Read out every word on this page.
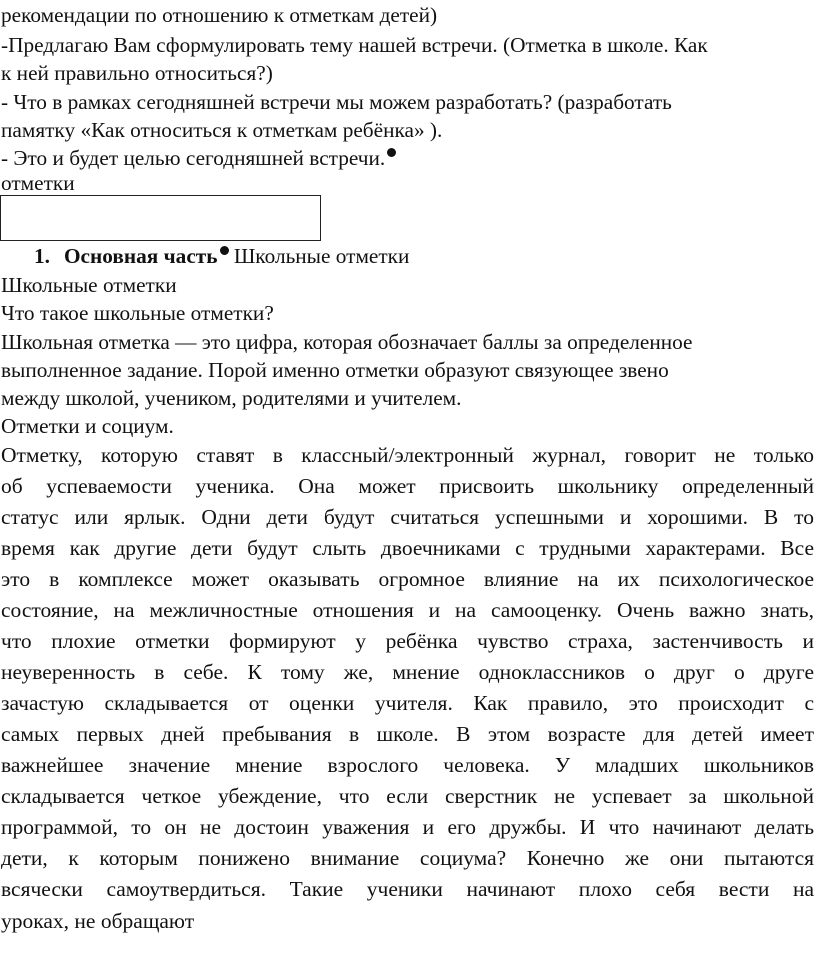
рекомендации по отношению к отметкам детей)
-Предлагаю Вам сформулировать тему нашей встречи. (Отметка в школе. Как
к ней правильно относиться?)
- Что в рамках сегодняшней встречи мы можем разработать? (разработать
памятку «Как относиться к отметкам ребёнка» ).
- Это и будет целью сегодняшней встречи.
отметки
1. Основная часть Школьные отметки
Школьные отметки
Что такое школьные отметки?
Школьная отметка — это цифра, которая обозначает баллы за определенное
выполненное задание. Порой именно отметки образуют связующее звено
между школой, учеником, родителями и учителем.
Отметки и социум.
Отметку, которую ставят в классный/электронный журнал, говорит не только
об успеваемости ученика. Она может присвоить школьнику определенный
статус или ярлык. Одни дети будут считаться успешными и хорошими. В то
время как другие дети будут слыть двоечниками с трудными характерами. Все
это в комплексе может оказывать огромное влияние на их психологическое
состояние, на межличностные отношения и на самооценку. Очень важно знать,
что плохие отметки формируют у ребёнка чувство страха, застенчивость и
неуверенность в себе. К тому же, мнение одноклассников о друг о друге
зачастую складывается от оценки учителя. Как правило, это происходит с
самых первых дней пребывания в школе. В этом возрасте для детей имеет
важнейшее значение мнение взрослого человека. У младших школьников
складывается четкое убеждение, что если сверстник не успевает за школьной
программой, то он не достоин уважения и его дружбы. И что начинают делать
дети, к которым понижено внимание социума? Конечно же они пытаются
всячески самоутвердиться. Такие ученики начинают плохо себя вести на
уроках, не обращают
